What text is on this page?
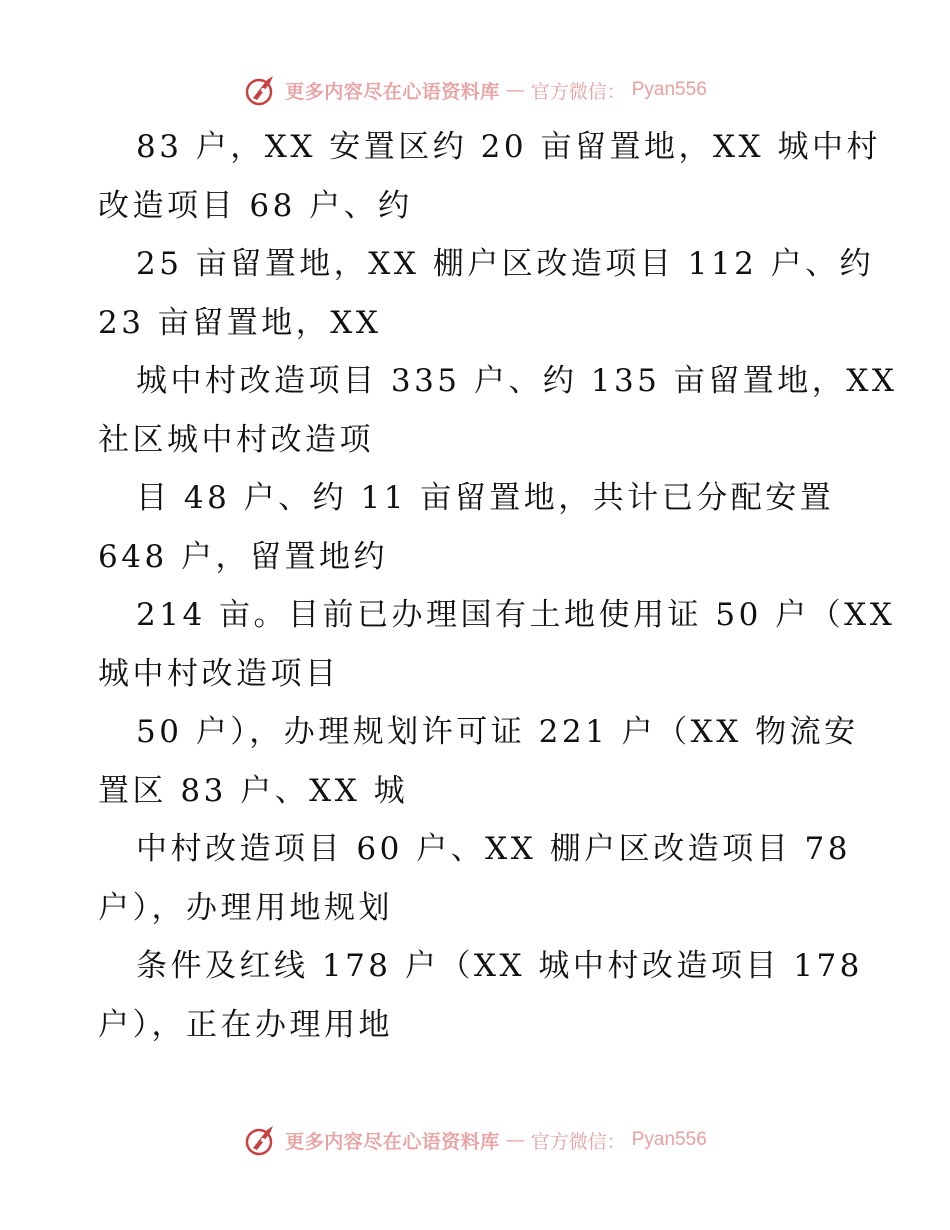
更多内容尽在心语资料库 — 官方微信： Pyan556
83 户，XX 安置区约 20 亩留置地，XX 城中村
改造项目 68 户、约
25 亩留置地，XX 棚户区改造项目 112 户、约
23 亩留置地，XX
城中村改造项目 335 户、约 135 亩留置地，XX
社区城中村改造项
目 48 户、约 11 亩留置地，共计已分配安置
648 户，留置地约
214 亩。目前已办理国有土地使用证 50 户（XX
城中村改造项目
50 户），办理规划许可证 221 户（XX 物流安
置区 83 户、XX 城
中村改造项目 60 户、XX 棚户区改造项目 78
户），办理用地规划
条件及红线 178 户（XX 城中村改造项目 178
户），正在办理用地
更多内容尽在心语资料库 — 官方微信： Pyan556
